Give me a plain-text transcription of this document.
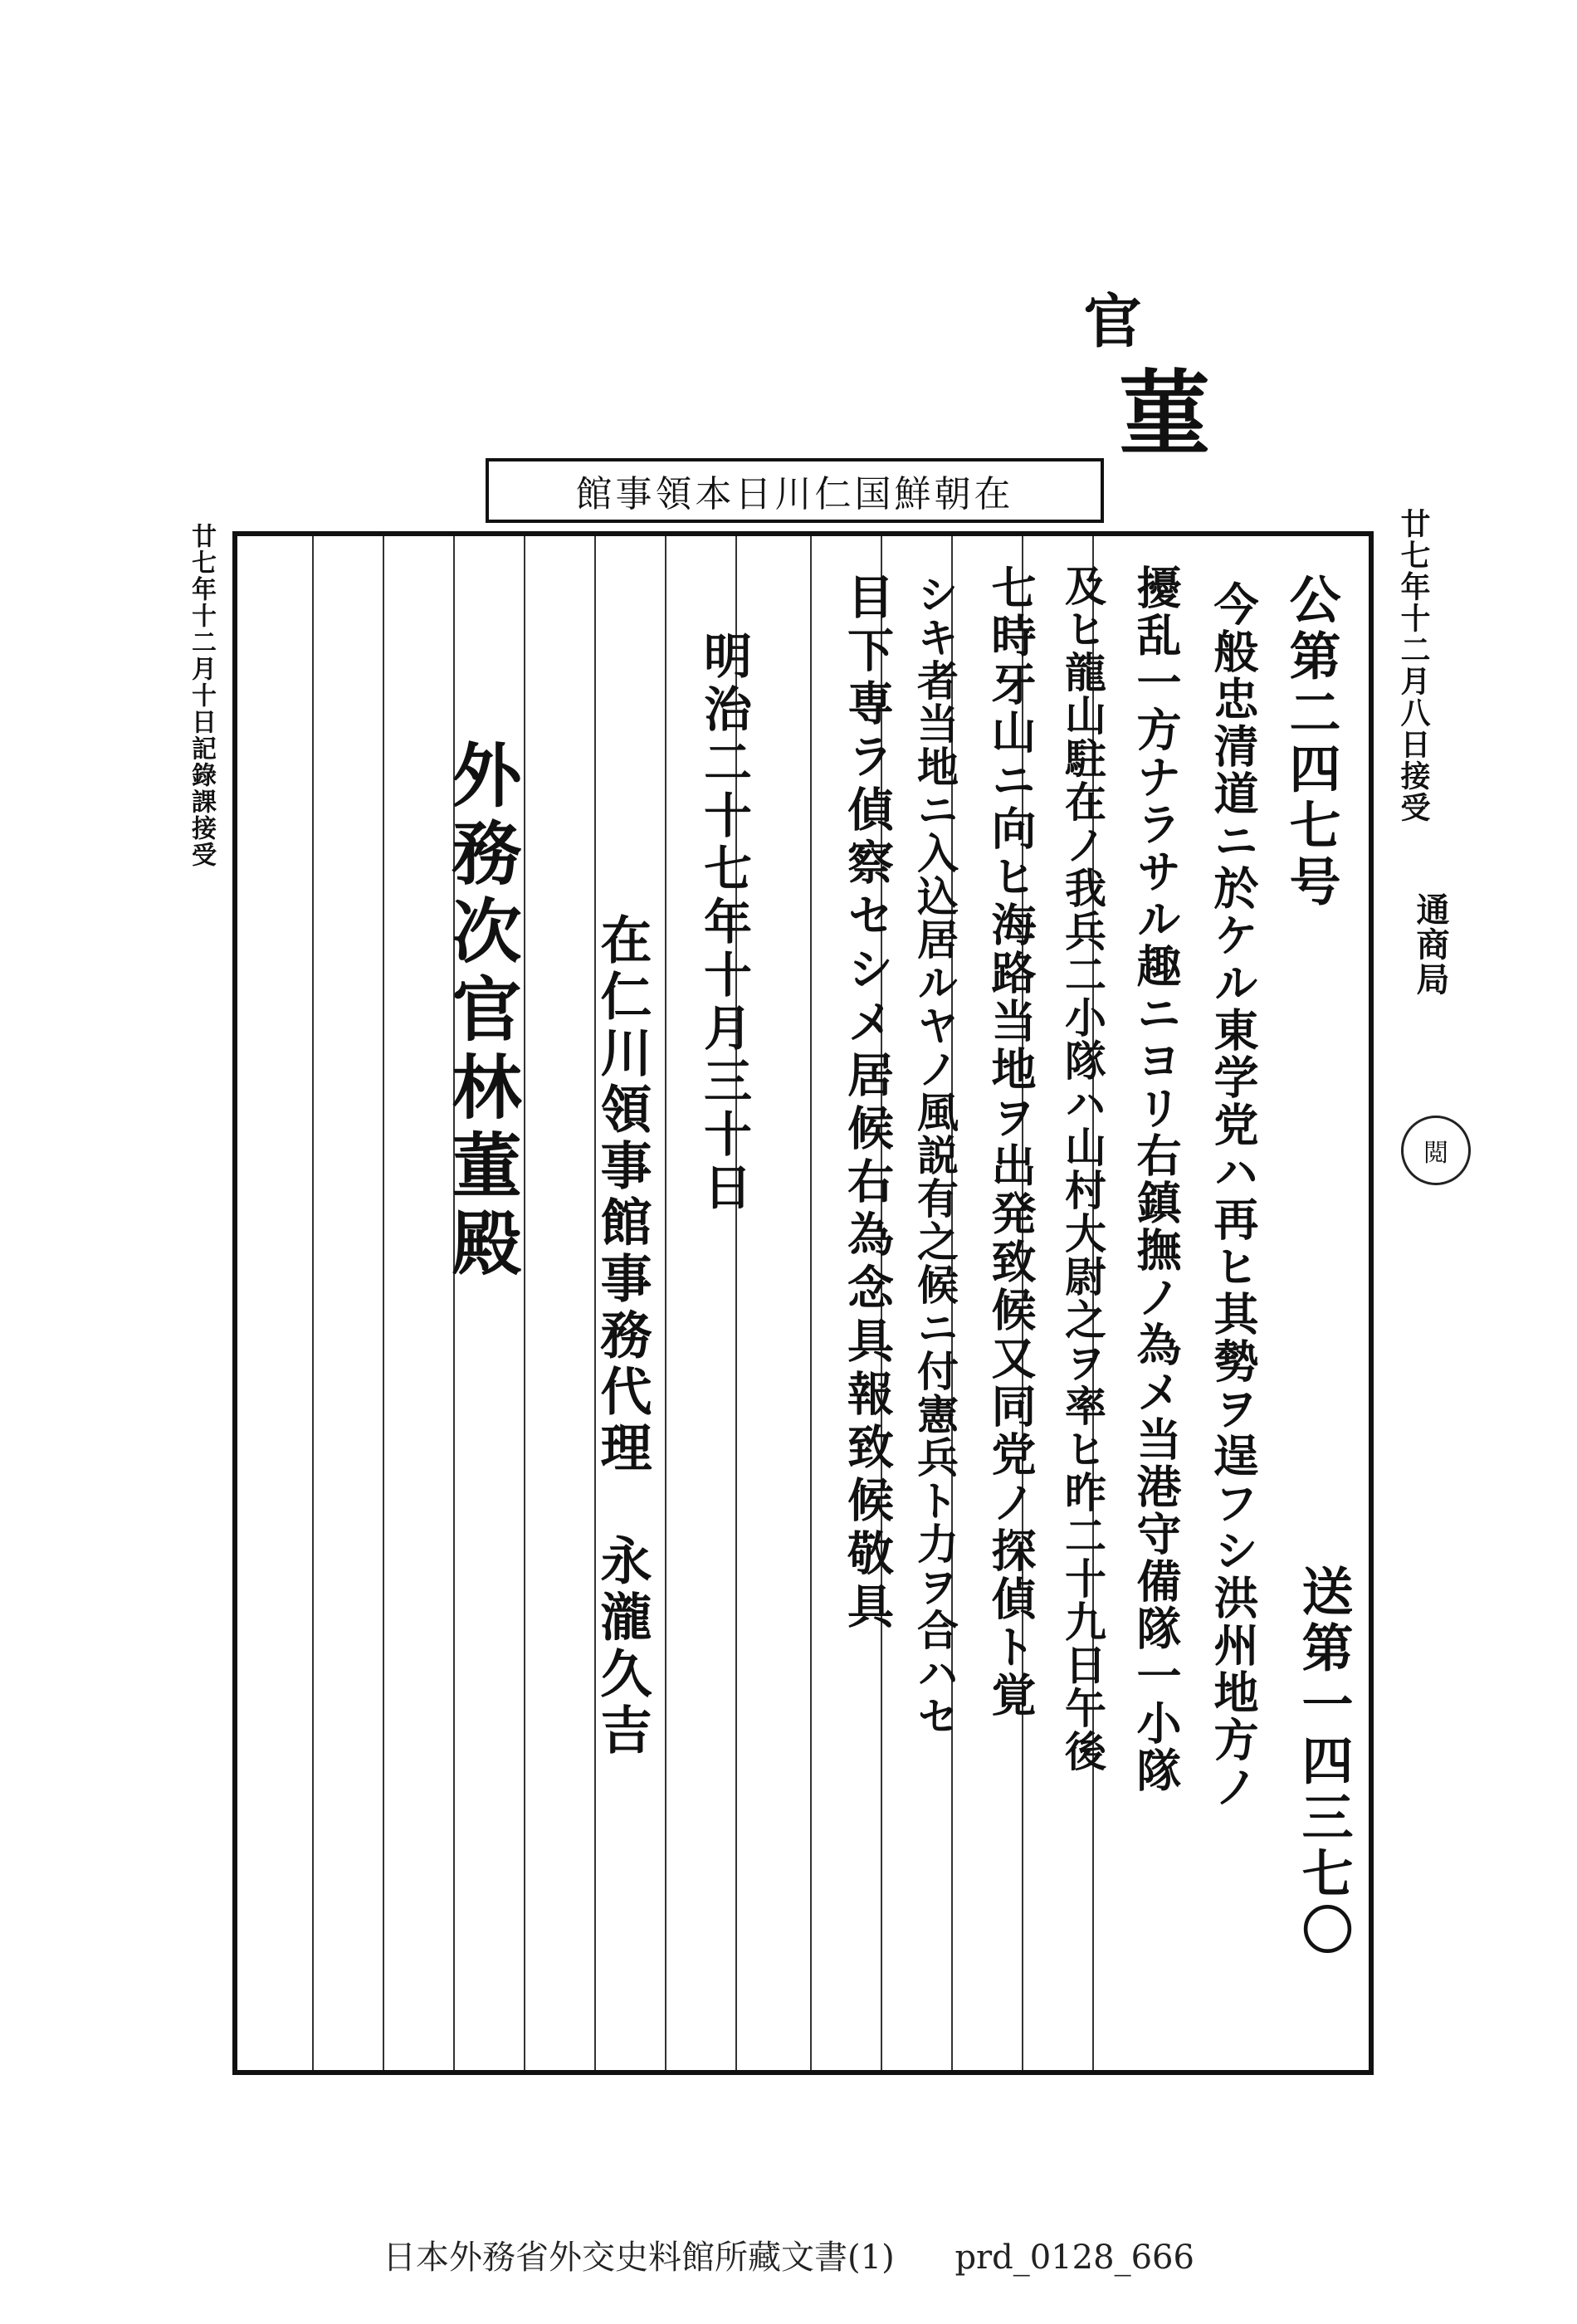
官
菫
在朝鮮国仁川日本領事館
廿七年十二月八日接受
通商局
閲
廿七年十二月十日記錄課接受	公第二四七号
今般忠清道ニ於ケル東学党ハ再ヒ其勢ヲ逞フシ洪州地方ノ
擾乱一方ナラサル趣ニヨリ右鎮撫ノ為メ当港守備隊一小隊
及ヒ龍山駐在ノ我兵二小隊ハ山村大尉之ヲ率ヒ昨二十九日午後
七時牙山ニ向ヒ海路当地ヲ出発致候又同党ノ探偵ト覚
シキ者当地ニ入込居ルヤノ風説有之候ニ付憲兵ト力ヲ合ハセ
目下専ラ偵察セシメ居候右為念具報致候敬具
明治二十七年十月三十日
在仁川領事館事務代理　永瀧久吉
外務次官林董殿
送第一四三七〇
日本外務省外交史料館所藏文書(1) prd_0128_666
